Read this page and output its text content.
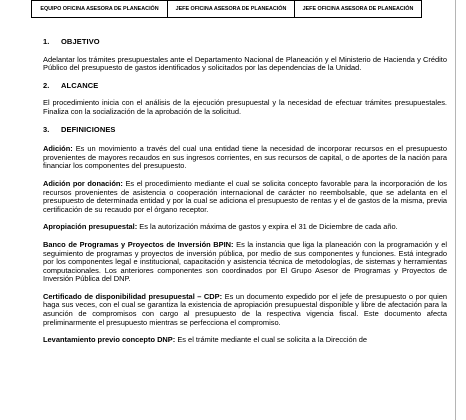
EQUIPO OFICINA ASESORA DE PLANEACIÓN	JEFE OFICINA ASESORA DE PLANEACIÓN	JEFE OFICINA ASESORA DE PLANEACIÓN
1. OBJETIVO

Adelantar los trámites presupuestales ante el Departamento Nacional de Planeación y el Ministerio de Hacienda y Crédito Público del presupuesto de gastos identificados y solicitados por las dependencias de la Unidad.

2. ALCANCE

El procedimiento inicia con el análisis de la ejecución presupuestal y la necesidad de efectuar trámites presupuestales. Finaliza con la socialización de la aprobación de la solicitud.

3. DEFINICIONES

Adición: Es un movimiento a través del cual una entidad tiene la necesidad de incorporar recursos en el presupuesto provenientes de mayores recaudos en sus ingresos corrientes, en sus recursos de capital, o de aportes de la nación para financiar los componentes del presupuesto.

Adición por donación: Es el procedimiento mediante el cual se solicita concepto favorable para la incorporación de los recursos provenientes de asistencia o cooperación internacional de carácter no reembolsable, que se adelanta en el presupuesto de determinada entidad y por la cual se adiciona el presupuesto de rentas y el de gastos de la misma, previa certificación de su recaudo por el órgano receptor.

Apropiación presupuestal: Es la autorización máxima de gastos y expira el 31 de Diciembre de cada año.

Banco de Programas y Proyectos de Inversión BPIN: Es la instancia que liga la planeación con la programación y el seguimiento de programas y proyectos de inversión pública, por medio de sus componentes y funciones. Está integrado por los componentes legal e institucional, capacitación y asistencia técnica de metodologías, de sistemas y herramientas computacionales. Los anteriores componentes son coordinados por El Grupo Asesor de Programas y Proyectos de Inversión Pública del DNP.

Certificado de disponibilidad presupuestal – CDP: Es un documento expedido por el jefe de presupuesto o por quien haga sus veces, con el cual se garantiza la existencia de apropiación presupuestal disponible y libre de afectación para la asunción de compromisos con cargo al presupuesto de la respectiva vigencia fiscal. Este documento afecta preliminarmente el presupuesto mientras se perfecciona el compromiso.

Levantamiento previo concepto DNP: Es el trámite mediante el cual se solicita a la Dirección de
